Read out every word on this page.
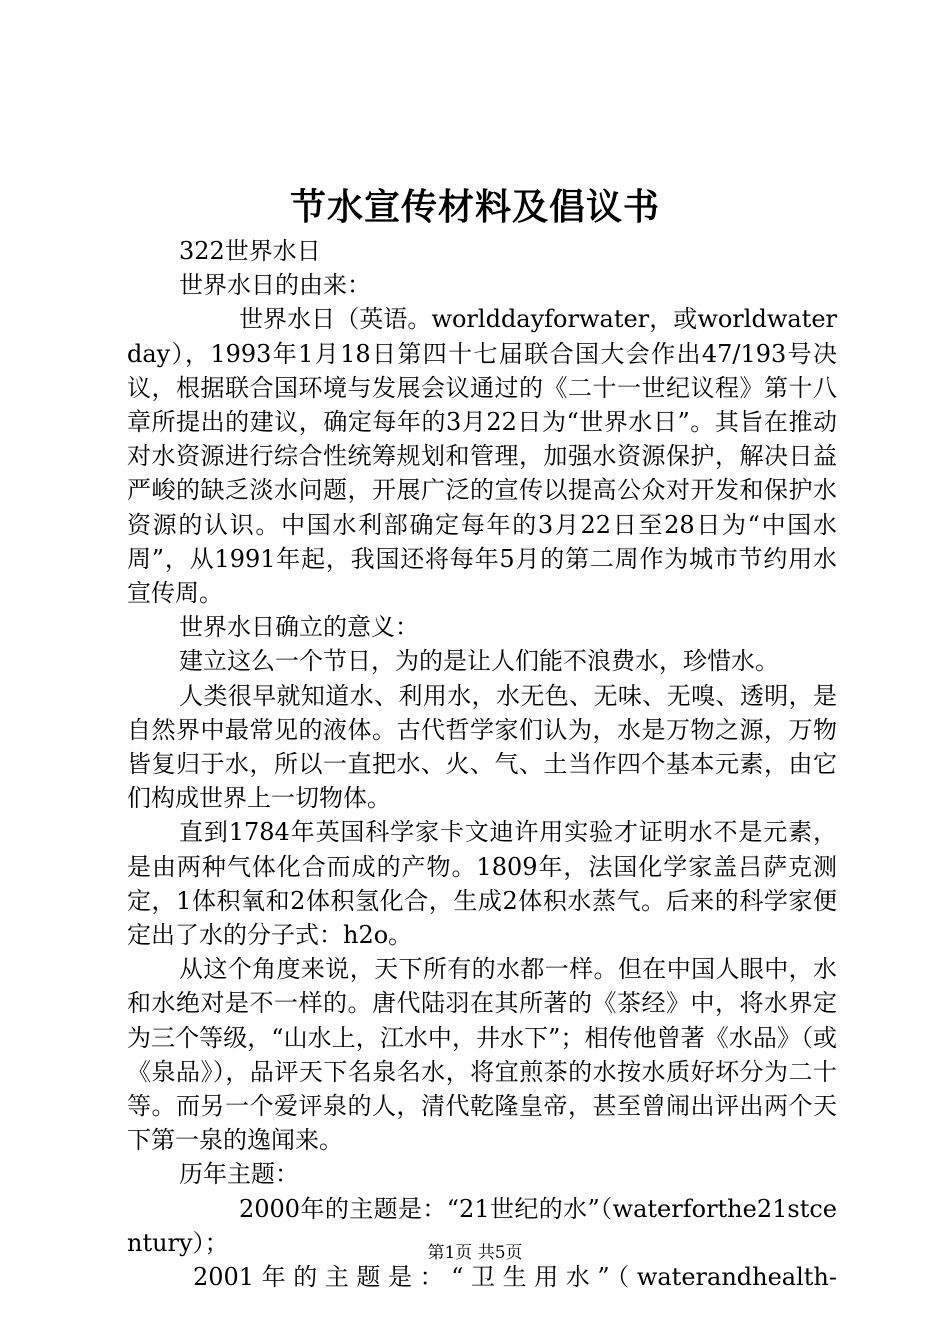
节水宣传材料及倡议书

322世界水日

世界水日的由来：

世界水日（英语。worlddayforwater，或worldwaterday），1993年1月18日第四十七届联合国大会作出47/193号决议，根据联合国环境与发展会议通过的《二十一世纪议程》第十八章所提出的建议，确定每年的3月22日为“世界水日”。其旨在推动对水资源进行综合性统筹规划和管理，加强水资源保护，解决日益严峻的缺乏淡水问题，开展广泛的宣传以提高公众对开发和保护水资源的认识。中国水利部确定每年的3月22日至28日为“中国水周”，从1991年起，我国还将每年5月的第二周作为城市节约用水宣传周。

世界水日确立的意义：

建立这么一个节日，为的是让人们能不浪费水，珍惜水。

人类很早就知道水、利用水，水无色、无味、无嗅、透明，是自然界中最常见的液体。古代哲学家们认为，水是万物之源，万物皆复归于水，所以一直把水、火、气、土当作四个基本元素，由它们构成世界上一切物体。

直到1784年英国科学家卡文迪许用实验才证明水不是元素，是由两种气体化合而成的产物。1809年，法国化学家盖吕萨克测定，1体积氧和2体积氢化合，生成2体积水蒸气。后来的科学家便定出了水的分子式：h2o。

从这个角度来说，天下所有的水都一样。但在中国人眼中，水和水绝对是不一样的。唐代陆羽在其所著的《茶经》中，将水界定为三个等级，“山水上，江水中，井水下”；相传他曾著《水品》（或《泉品》），品评天下名泉名水，将宜煎茶的水按水质好坏分为二十等。而另一个爱评泉的人，清代乾隆皇帝，甚至曾闹出评出两个天下第一泉的逸闻来。

历年主题：

2000年的主题是：“21世纪的水”（waterforthe21stcentury）；

2001年的主题是：“卫生用水”（waterandhealth-

第1页 共5页
